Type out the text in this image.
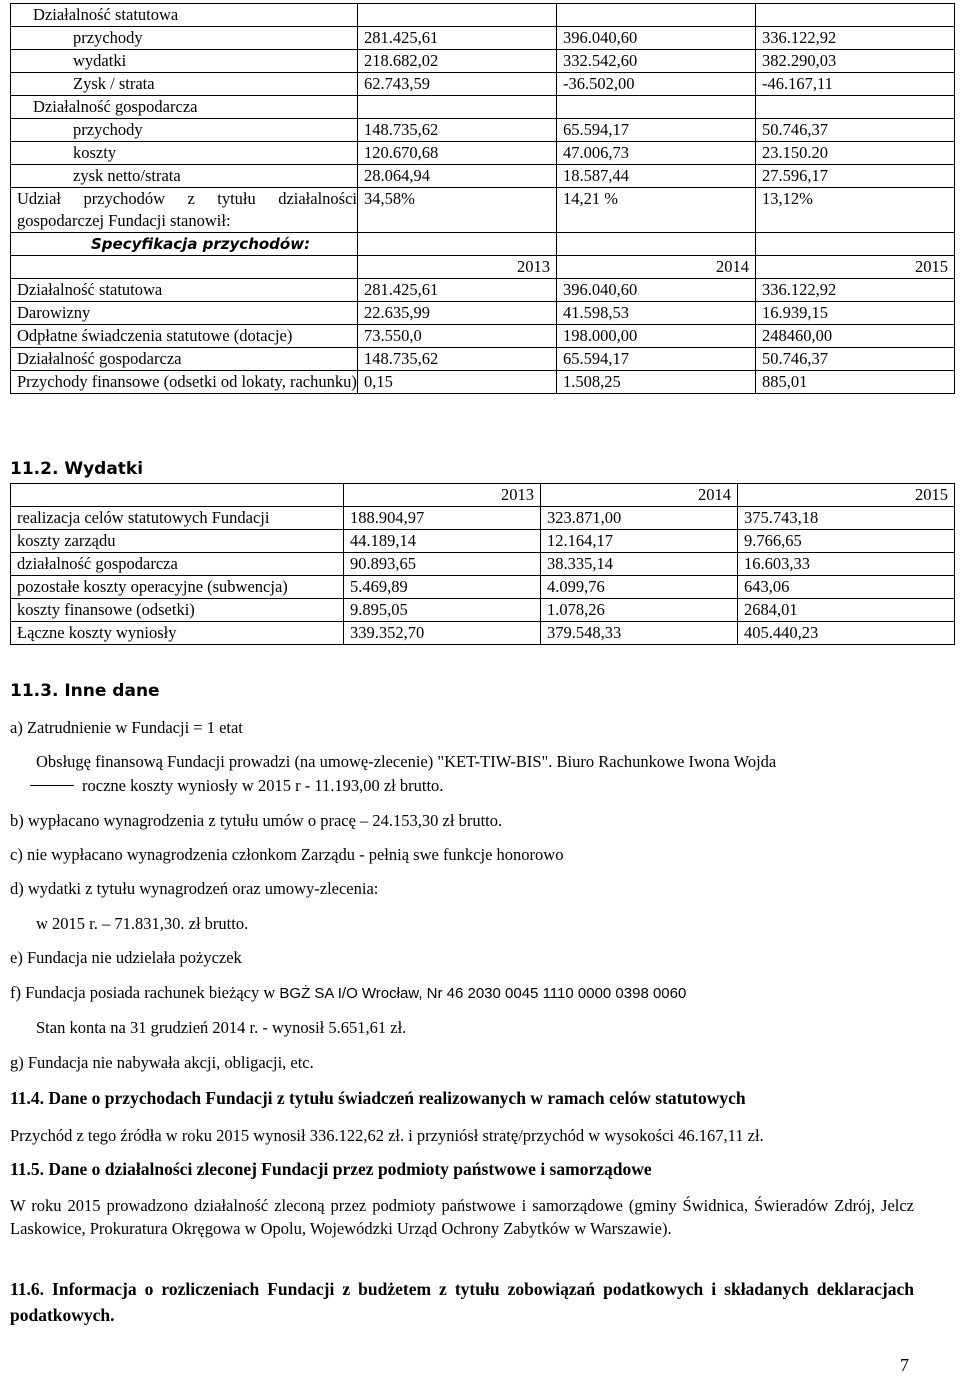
Działalność statutowa			
przychody	281.425,61	396.040,60	336.122,92
wydatki	218.682,02	332.542,60	382.290,03
Zysk / strata	62.743,59	-36.502,00	-46.167,11
Działalność gospodarcza			
przychody	148.735,62	65.594,17	50.746,37
koszty	120.670,68	47.006,73	23.150.20
zysk netto/strata	28.064,94	18.587,44	27.596,17
Udział przychodów z tytułu działalności gospodarczej Fundacji stanowił:	34,58%	14,21 %	13,12%
Specyfikacja przychodów:			
	2013	2014	2015
Działalność statutowa	281.425,61	396.040,60	336.122,92
Darowizny	22.635,99	41.598,53	16.939,15
Odpłatne świadczenia statutowe (dotacje)	73.550,0	198.000,00	248460,00
Działalność gospodarcza	148.735,62	65.594,17	50.746,37
Przychody finansowe (odsetki od lokaty, rachunku)	0,15	1.508,25	885,01
11.2. Wydatki
	2013	2014	2015
realizacja celów statutowych Fundacji	188.904,97	323.871,00	375.743,18
koszty zarządu	44.189,14	12.164,17	9.766,65
działalność gospodarcza	90.893,65	38.335,14	16.603,33
pozostałe koszty operacyjne (subwencja)	5.469,89	4.099,76	643,06
koszty finansowe (odsetki)	9.895,05	1.078,26	2684,01
Łączne koszty wyniosły	339.352,70	379.548,33	405.440,23
11.3. Inne dane
a) Zatrudnienie w Fundacji = 1 etat
Obsługę finansową Fundacji prowadzi (na umowę-zlecenie) "KET-TIW-BIS". Biuro Rachunkowe Iwona Wojda
roczne koszty wyniosły w 2015 r - 11.193,00 zł brutto.
b) wypłacano wynagrodzenia z tytułu umów o pracę – 24.153,30 zł brutto.
c) nie wypłacano wynagrodzenia członkom Zarządu - pełnią swe funkcje honorowo
d) wydatki z tytułu wynagrodzeń oraz umowy-zlecenia:
w 2015 r. – 71.831,30. zł brutto.
e) Fundacja nie udzielała pożyczek
f) Fundacja posiada rachunek bieżący w BGŻ SA I/O Wrocław, Nr 46 2030 0045 1110 0000 0398 0060
Stan konta na 31 grudzień 2014 r. - wynosił 5.651,61 zł.
g) Fundacja nie nabywała akcji, obligacji, etc.
11.4. Dane o przychodach Fundacji z tytułu świadczeń realizowanych w ramach celów statutowych
Przychód z tego źródła w roku 2015 wynosił 336.122,62 zł. i przyniósł stratę/przychód w wysokości 46.167,11 zł.
11.5. Dane o działalności zleconej Fundacji przez podmioty państwowe i samorządowe
W roku 2015 prowadzono działalność zleconą przez podmioty państwowe i samorządowe (gminy Świdnica, Świeradów Zdrój, Jelcz Laskowice, Prokuratura Okręgowa w Opolu, Wojewódzki Urząd Ochrony Zabytków w Warszawie).
11.6. Informacja o rozliczeniach Fundacji z budżetem z tytułu zobowiązań podatkowych i składanych deklaracjach podatkowych.
7
